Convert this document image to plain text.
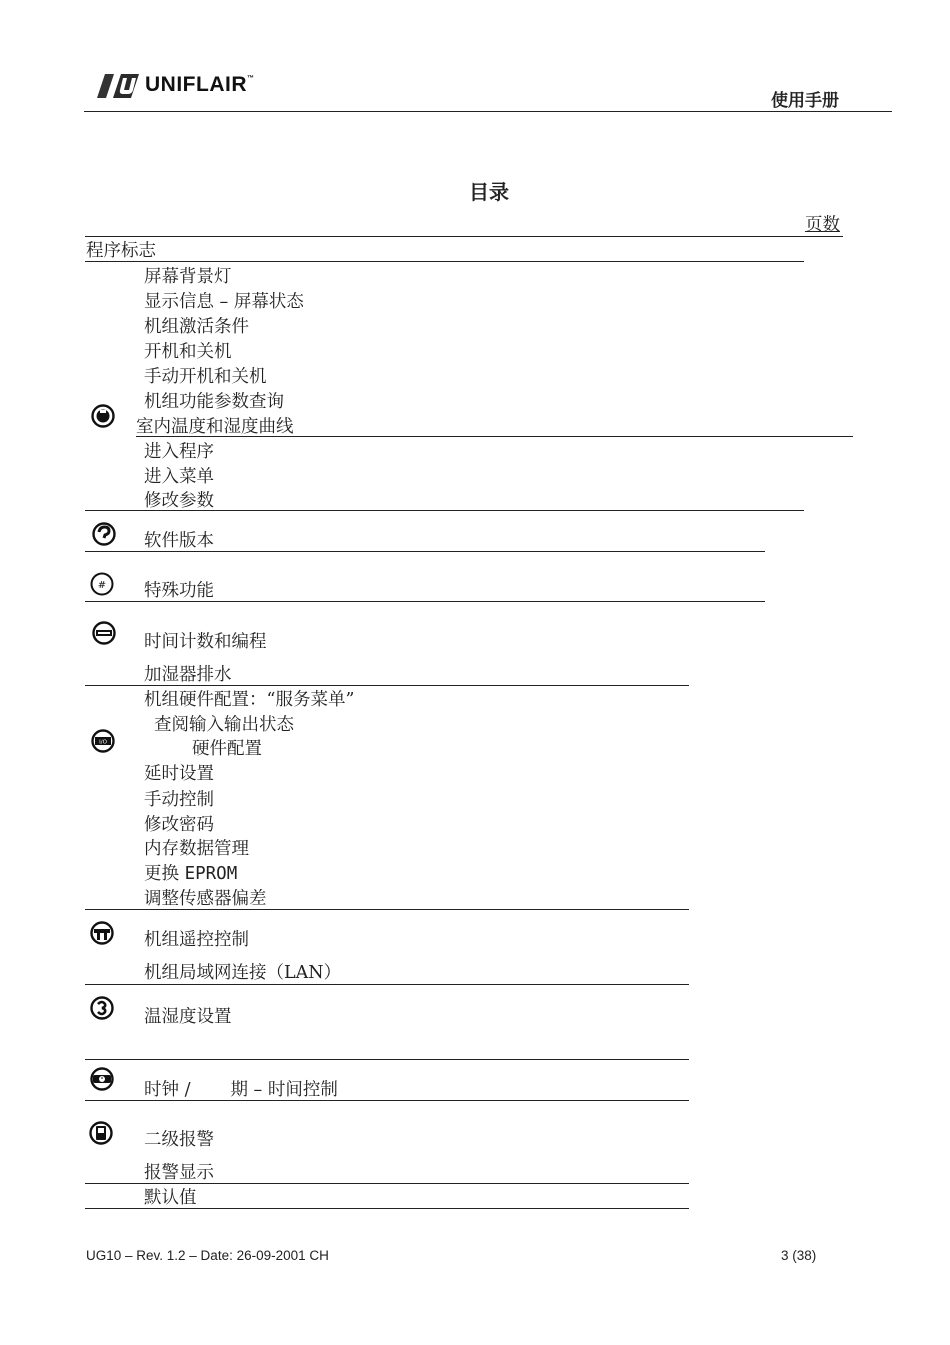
UNIFLAIR™
使用手册
目录
页数
程序标志
屏幕背景灯
显示信息 – 屏幕状态
机组激活条件
开机和关机
手动开机和关机
机组功能参数查询
室内温度和湿度曲线
进入程序
进入菜单
修改参数
软件版本
# 特殊功能
时间计数和编程
加湿器排水
机组硬件配置：“服务菜单”
查阅输入输出状态
I/O	硬件配置
延时设置
手动控制
修改密码
内存数据管理
更换 EPROM
调整传感器偏差
机组遥控控制
机组局域网连接（LAN）
温湿度设置
时钟 / 期 – 时间控制
二级报警
报警显示
默认值
UG10 – Rev. 1.2 – Date: 26-09-2001 CH	3 (38)
